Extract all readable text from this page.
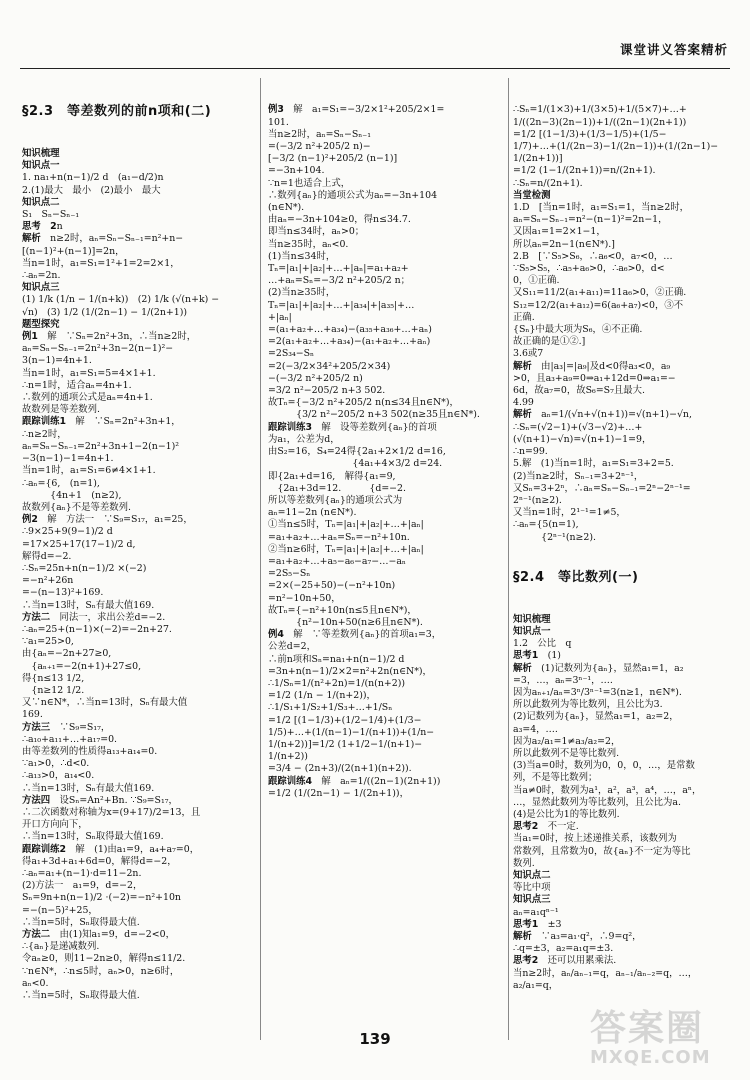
课堂讲义答案精析

§2.3　等差数列的前n项和(二)

知识梳理
知识点一
1. na₁+n(n−1)/2 d　(a₁−d/2)n
2.(1)最大　最小　(2)最小　最大
知识点二
S₁　Sₙ−Sₙ₋₁
思考　2n
解析　n≥2时，aₙ=Sₙ−Sₙ₋₁=n²+n−
[(n−1)²+(n−1)]=2n，
当n=1时，a₁=S₁=1²+1=2=2×1，
∴aₙ=2n.
知识点三
(1) 1/k (1/n − 1/(n+k))　(2) 1/k (√(n+k) −
√n)　(3) 1/2 (1/(2n−1) − 1/(2n+1))
题型探究
例1　解　∵Sₙ=2n²+3n，∴当n≥2时，
aₙ=Sₙ−Sₙ₋₁=2n²+3n−2(n−1)²−
3(n−1)=4n+1.
当n=1时，a₁=S₁=5=4×1+1.
∴n=1时，适合aₙ=4n+1.
∴数列的通项公式是aₙ=4n+1.
故数列是等差数列.
跟踪训练1　解　∵Sₙ=2n²+3n+1，
∴n≥2时，
aₙ=Sₙ−Sₙ₋₁=2n²+3n+1−2(n−1)²
−3(n−1)−1=4n+1.
当n=1时，a₁=S₁=6≠4×1+1.
∴aₙ={6,　(n=1),
　　　{4n+1　(n≥2),
故数列{aₙ}不是等差数列.
例2　解　方法一　∵S₉=S₁₇，a₁=25，
∴9×25+9(9−1)/2 d
=17×25+17(17−1)/2 d,
解得d=−2.
∴Sₙ=25n+n(n−1)/2 ×(−2)
=−n²+26n
=−(n−13)²+169.
∴当n=13时，Sₙ有最大值169.
方法二　同法一，求出公差d=−2.
∴aₙ=25+(n−1)×(−2)=−2n+27.
∵a₁=25>0,
由{aₙ=−2n+27≥0,
　{aₙ₊₁=−2(n+1)+27≤0,
得{n≤13 1/2,
　{n≥12 1/2.
又∵n∈N*，∴当n=13时，Sₙ有最大值
169.
方法三　∵S₉=S₁₇，
∴a₁₀+a₁₁+…+a₁₇=0.
由等差数列的性质得a₁₃+a₁₄=0.
∵a₁>0，∴d<0.
∴a₁₃>0，a₁₄<0.
∴当n=13时，Sₙ有最大值169.
方法四　设Sₙ=An²+Bn. ∵S₉=S₁₇，
∴二次函数对称轴为x=(9+17)/2=13，且
开口方向向下，
∴当n=13时，Sₙ取得最大值169.
跟踪训练2　解　(1)由a₁=9，a₄+a₇=0，
得a₁+3d+a₁+6d=0，解得d=−2，
∴aₙ=a₁+(n−1)·d=11−2n.
(2)方法一　a₁=9，d=−2，
Sₙ=9n+n(n−1)/2 ·(−2)=−n²+10n
=−(n−5)²+25，
∴当n=5时，Sₙ取得最大值.
方法二　由(1)知a₁=9，d=−2<0，
∴{aₙ}是递减数列.
令aₙ≥0，则11−2n≥0，解得n≤11/2.
∵n∈N*，∴n≤5时，aₙ>0，n≥6时，
aₙ<0.
∴当n=5时，Sₙ取得最大值.

例3　解　a₁=S₁=−3/2×1²+205/2×1=
101.
当n≥2时，aₙ=Sₙ−Sₙ₋₁
=(−3/2 n²+205/2 n)−
[−3/2 (n−1)²+205/2 (n−1)]
=−3n+104.
∵n=1也适合上式，
∴数列{aₙ}的通项公式为aₙ=−3n+104
(n∈N*).
由aₙ=−3n+104≥0，得n≤34.7.
即当n≤34时，aₙ>0；
当n≥35时，aₙ<0.
(1)当n≤34时，
Tₙ=|a₁|+|a₂|+…+|aₙ|=a₁+a₂+
…+aₙ=Sₙ=−3/2 n²+205/2 n；
(2)当n≥35时，
Tₙ=|a₁|+|a₂|+…+|a₃₄|+|a₃₅|+…
+|aₙ|
=(a₁+a₂+…+a₃₄)−(a₃₅+a₃₆+…+aₙ)
=2(a₁+a₂+…+a₃₄)−(a₁+a₂+…+aₙ)
=2S₃₄−Sₙ
=2(−3/2×34²+205/2×34)
−(−3/2 n²+205/2 n)
=3/2 n²−205/2 n+3 502.
故Tₙ={−3/2 n²+205/2 n(n≤34且n∈N*)，
　　　{3/2 n²−205/2 n+3 502(n≥35且n∈N*).
跟踪训练3　解　设等差数列{aₙ}的首项
为a₁，公差为d，
由S₂=16，S₄=24得{2a₁+2×1/2 d=16,
　　　　　　　　　{4a₁+4×3/2 d=24.
即{2a₁+d=16,　解得{a₁=9,
　{2a₁+3d=12.　　　{d=−2.
所以等差数列{aₙ}的通项公式为
aₙ=11−2n (n∈N*).
①当n≤5时，Tₙ=|a₁|+|a₂|+…+|aₙ|
=a₁+a₂+…+aₙ=Sₙ=−n²+10n.
②当n≥6时，Tₙ=|a₁|+|a₂|+…+|aₙ|
=a₁+a₂+…+a₅−a₆−a₇−…−aₙ
=2S₅−Sₙ
=2×(−25+50)−(−n²+10n)
=n²−10n+50，
故Tₙ={−n²+10n(n≤5且n∈N*)，
　　　{n²−10n+50(n≥6且n∈N*).
例4　解　∵等差数列{aₙ}的首项a₁=3，
公差d=2，
∴前n项和Sₙ=na₁+n(n−1)/2 d
=3n+n(n−1)/2×2=n²+2n(n∈N*)，
∴1/Sₙ=1/(n²+2n)=1/(n(n+2))
=1/2 (1/n − 1/(n+2))，
∴1/S₁+1/S₂+1/S₃+…+1/Sₙ
=1/2 [(1−1/3)+(1/2−1/4)+(1/3−
1/5)+…+(1/(n−1)−1/(n+1))+(1/n−
1/(n+2))]=1/2 (1+1/2−1/(n+1)−
1/(n+2))
=3/4 − (2n+3)/(2(n+1)(n+2)).
跟踪训练4　解　aₙ=1/((2n−1)(2n+1))
=1/2 (1/(2n−1) − 1/(2n+1))，

∴Sₙ=1/(1×3)+1/(3×5)+1/(5×7)+…+
1/((2n−3)(2n−1))+1/((2n−1)(2n+1))
=1/2 [(1−1/3)+(1/3−1/5)+(1/5−
1/7)+…+(1/(2n−3)−1/(2n−1))+(1/(2n−1)−
1/(2n+1))]
=1/2 (1−1/(2n+1))=n/(2n+1).
∴Sₙ=n/(2n+1).
当堂检测
1.D　[当n=1时，a₁=S₁=1，当n≥2时，
aₙ=Sₙ−Sₙ₋₁=n²−(n−1)²=2n−1，
又因a₁=1=2×1−1，
所以aₙ=2n−1(n∈N*).]
2.B　[∵S₅>S₆，∴a₆<0，a₇<0，…
∵S₅>S₅，∴a₅+a₆>0，∴a₆>0，d<
0，①正确.
又S₁₁=11/2(a₁+a₁₁)=11a₆>0，②正确.
S₁₂=12/2(a₁+a₁₂)=6(a₆+a₇)<0，③不
正确.
{Sₙ}中最大项为S₆，④不正确.
故正确的是①②.]
3.6或7
解析　由|a₃|=|a₉|及d<0得a₃<0，a₉
>0，且a₃+a₉=0⇒a₁+12d=0⇒a₁=−
6d，故a₇=0，故S₆=S₇且最大.
4.99
解析　aₙ=1/(√n+√(n+1))=√(n+1)−√n,
∴Sₙ=(√2−1)+(√3−√2)+…+
(√(n+1)−√n)=√(n+1)−1=9，
∴n=99.
5.解　(1)当n=1时，a₁=S₁=3+2=5.
(2)当n≥2时，Sₙ₋₁=3+2ⁿ⁻¹，
又Sₙ=3+2ⁿ，∴aₙ=Sₙ−Sₙ₋₁=2ⁿ−2ⁿ⁻¹=
2ⁿ⁻¹(n≥2).
又当n=1时，2¹⁻¹=1≠5，
∴aₙ={5(n=1),
　　　{2ⁿ⁻¹(n≥2).

§2.4　等比数列(一)

知识梳理
知识点一
1.2　公比　q
思考1　(1)
解析　(1)记数列为{aₙ}，显然a₁=1，a₂
=3，…，aₙ=3ⁿ⁻¹，….
因为aₙ₊₁/aₙ=3ⁿ/3ⁿ⁻¹=3(n≥1，n∈N*).
所以此数列为等比数列，且公比为3.
(2)记数列为{aₙ}，显然a₁=1，a₂=2，
a₃=4，….
因为a₂/a₁=1≠a₃/a₂=2，
所以此数列不是等比数列.
(3)当a=0时，数列为0，0，0，…，是常数
列，不是等比数列；
当a≠0时，数列为a¹，a²，a³，a⁴，…，aⁿ，
…，显然此数列为等比数列，且公比为a.
(4)是公比为1的等比数列.
思考2　不一定.
当a₁=0时，按上述递推关系，该数列为
常数列，且常数为0，故{aₙ}不一定为等比
数列.
知识点二
等比中项
知识点三
aₙ=a₁qⁿ⁻¹
思考1　±3
解析　∵a₃=a₁·q²，∴9=q²，
∴q=±3，a₂=a₁q=±3.
思考2　还可以用累乘法.
当n≥2时，aₙ/aₙ₋₁=q，aₙ₋₁/aₙ₋₂=q，…，a₂/a₁=q，

139	答案圈
MXQE.COM
